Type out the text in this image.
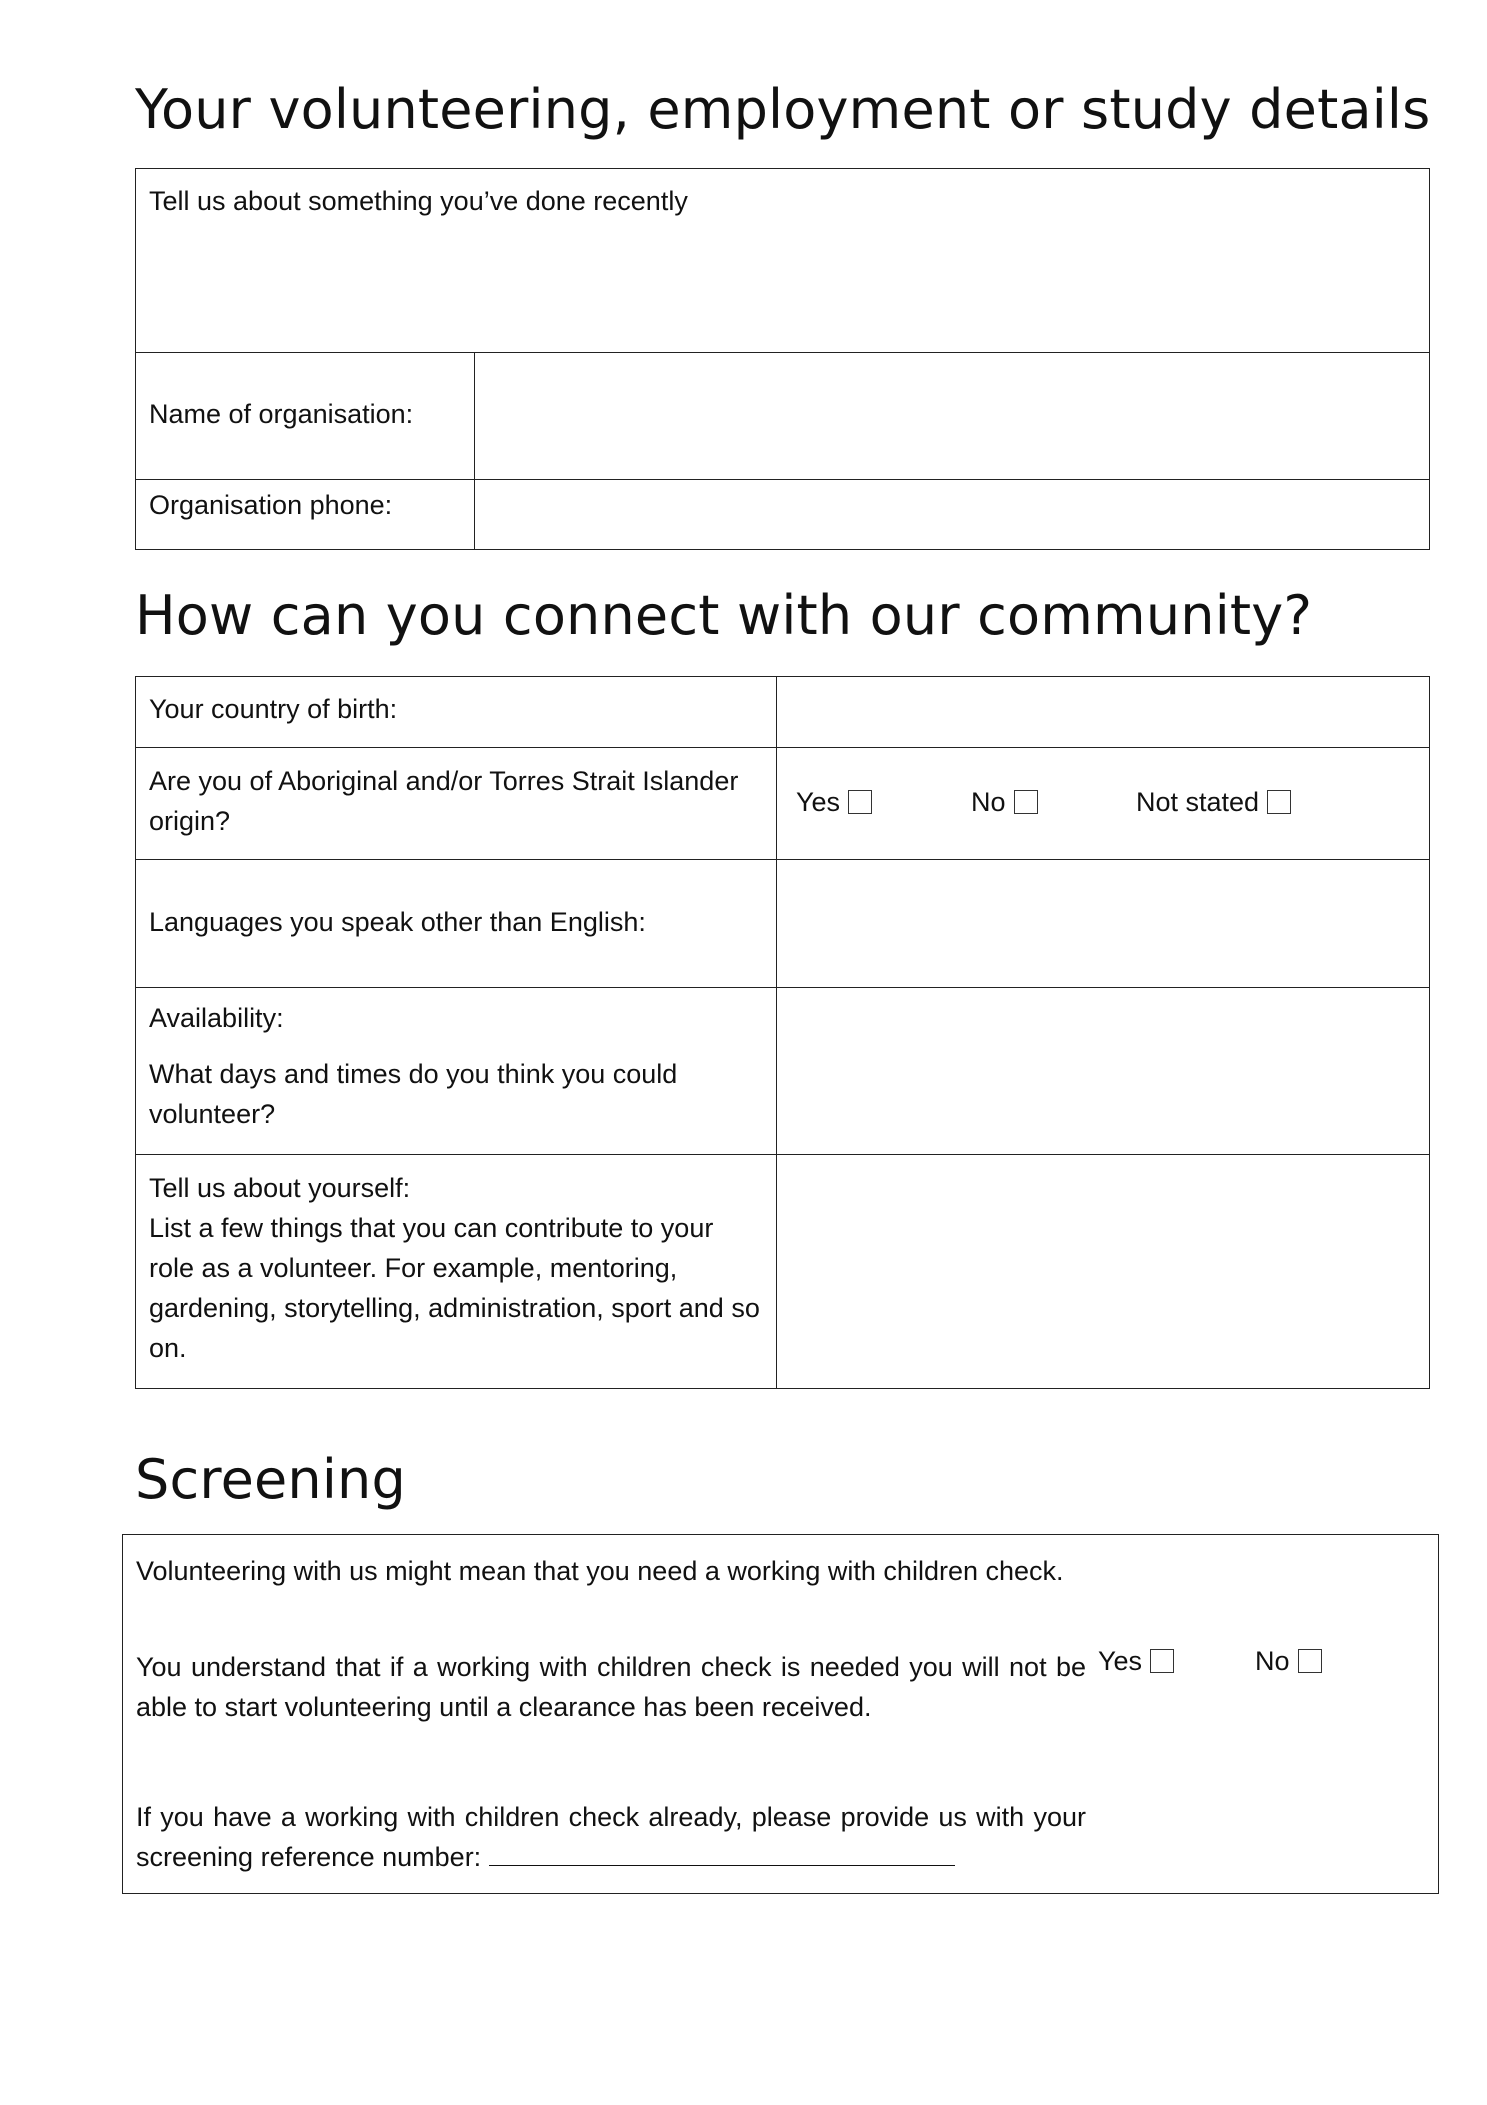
Your volunteering, employment or study details
Tell us about something you’ve done recently
Name of organisation:
Organisation phone:
How can you connect with our community?
Your country of birth:
Are you of Aboriginal and/or Torres Strait Islander origin?
Yes	No	Not stated
Languages you speak other than English:
Availability:
What days and times do you think you could volunteer?
Tell us about yourself:
List a few things that you can contribute to your role as a volunteer. For example, mentoring, gardening, storytelling, administration, sport and so on.
Screening
Volunteering with us might mean that you need a working with children check.
You understand that if a working with children check is needed you will not be able to start volunteering until a clearance has been received.
Yes	No
If you have a working with children check already, please provide us with your screening reference number:
